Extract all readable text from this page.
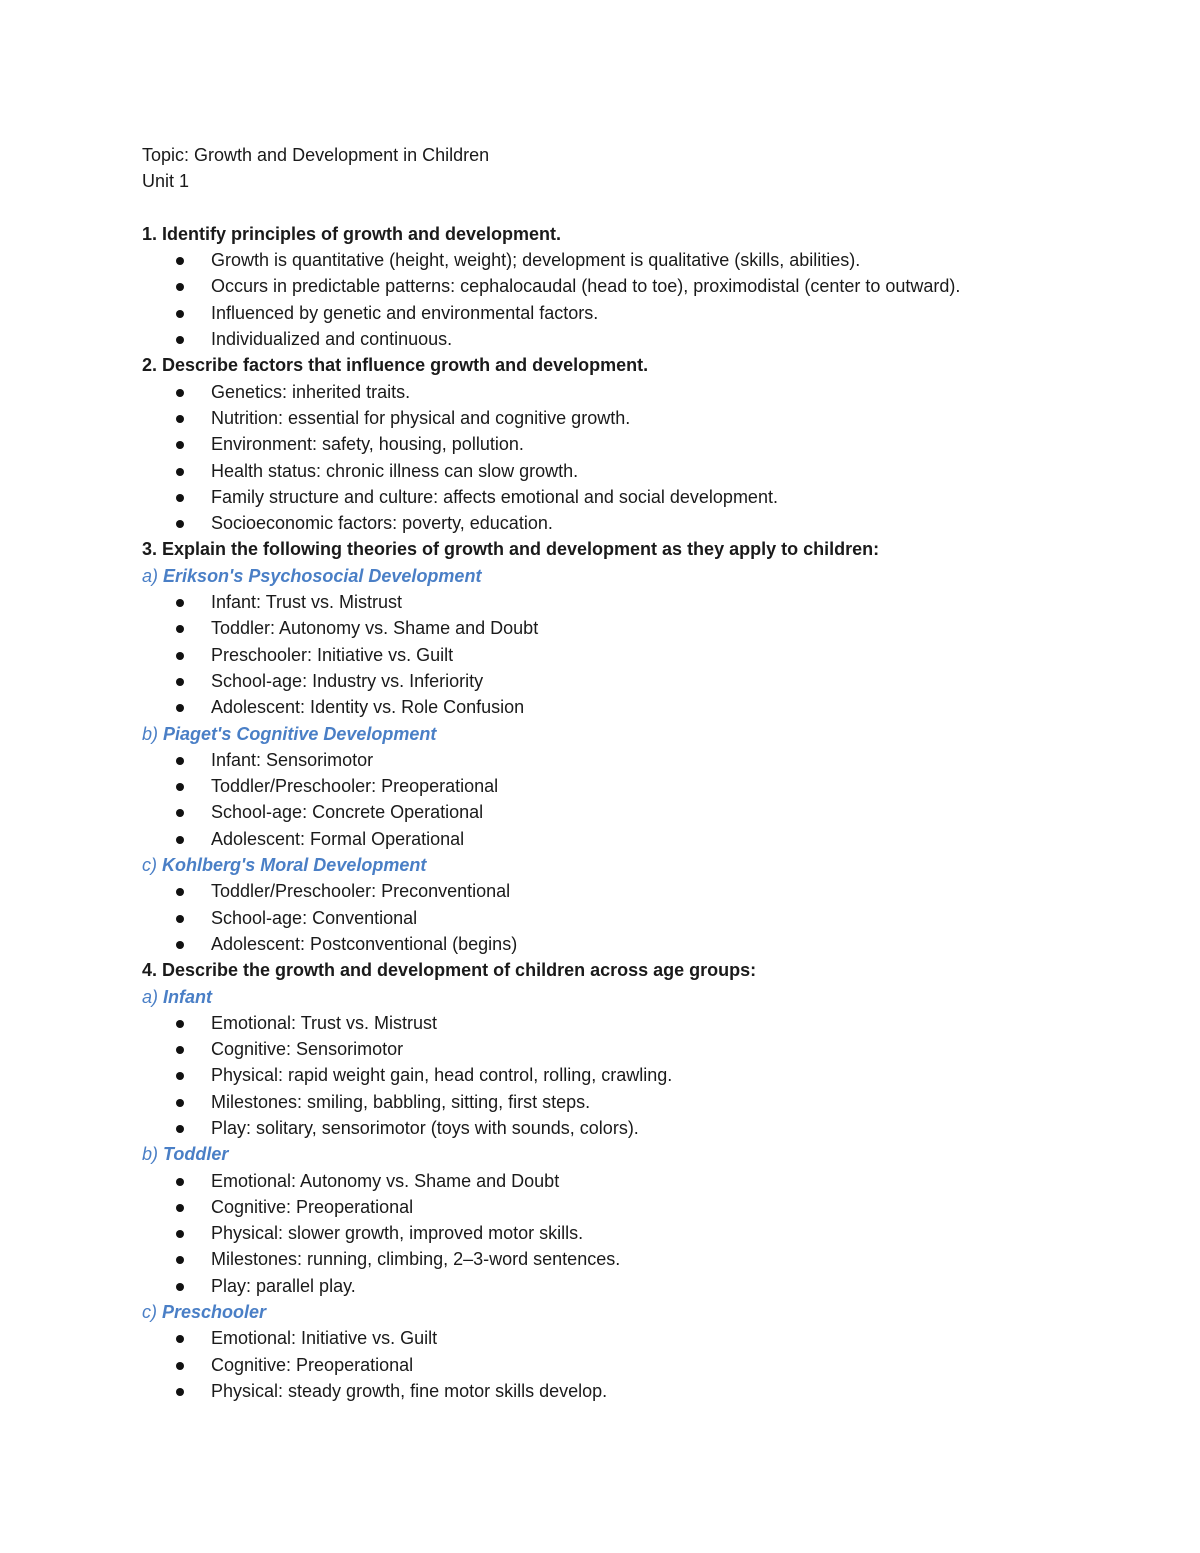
Topic: Growth and Development in Children
Unit 1
1. Identify principles of growth and development.
Growth is quantitative (height, weight); development is qualitative (skills, abilities).
Occurs in predictable patterns: cephalocaudal (head to toe), proximodistal (center to outward).
Influenced by genetic and environmental factors.
Individualized and continuous.
2. Describe factors that influence growth and development.
Genetics: inherited traits.
Nutrition: essential for physical and cognitive growth.
Environment: safety, housing, pollution.
Health status: chronic illness can slow growth.
Family structure and culture: affects emotional and social development.
Socioeconomic factors: poverty, education.
3. Explain the following theories of growth and development as they apply to children:
a) Erikson's Psychosocial Development
Infant: Trust vs. Mistrust
Toddler: Autonomy vs. Shame and Doubt
Preschooler: Initiative vs. Guilt
School-age: Industry vs. Inferiority
Adolescent: Identity vs. Role Confusion
b) Piaget's Cognitive Development
Infant: Sensorimotor
Toddler/Preschooler: Preoperational
School-age: Concrete Operational
Adolescent: Formal Operational
c) Kohlberg's Moral Development
Toddler/Preschooler: Preconventional
School-age: Conventional
Adolescent: Postconventional (begins)
4. Describe the growth and development of children across age groups:
a) Infant
Emotional: Trust vs. Mistrust
Cognitive: Sensorimotor
Physical: rapid weight gain, head control, rolling, crawling.
Milestones: smiling, babbling, sitting, first steps.
Play: solitary, sensorimotor (toys with sounds, colors).
b) Toddler
Emotional: Autonomy vs. Shame and Doubt
Cognitive: Preoperational
Physical: slower growth, improved motor skills.
Milestones: running, climbing, 2–3-word sentences.
Play: parallel play.
c) Preschooler
Emotional: Initiative vs. Guilt
Cognitive: Preoperational
Physical: steady growth, fine motor skills develop.
